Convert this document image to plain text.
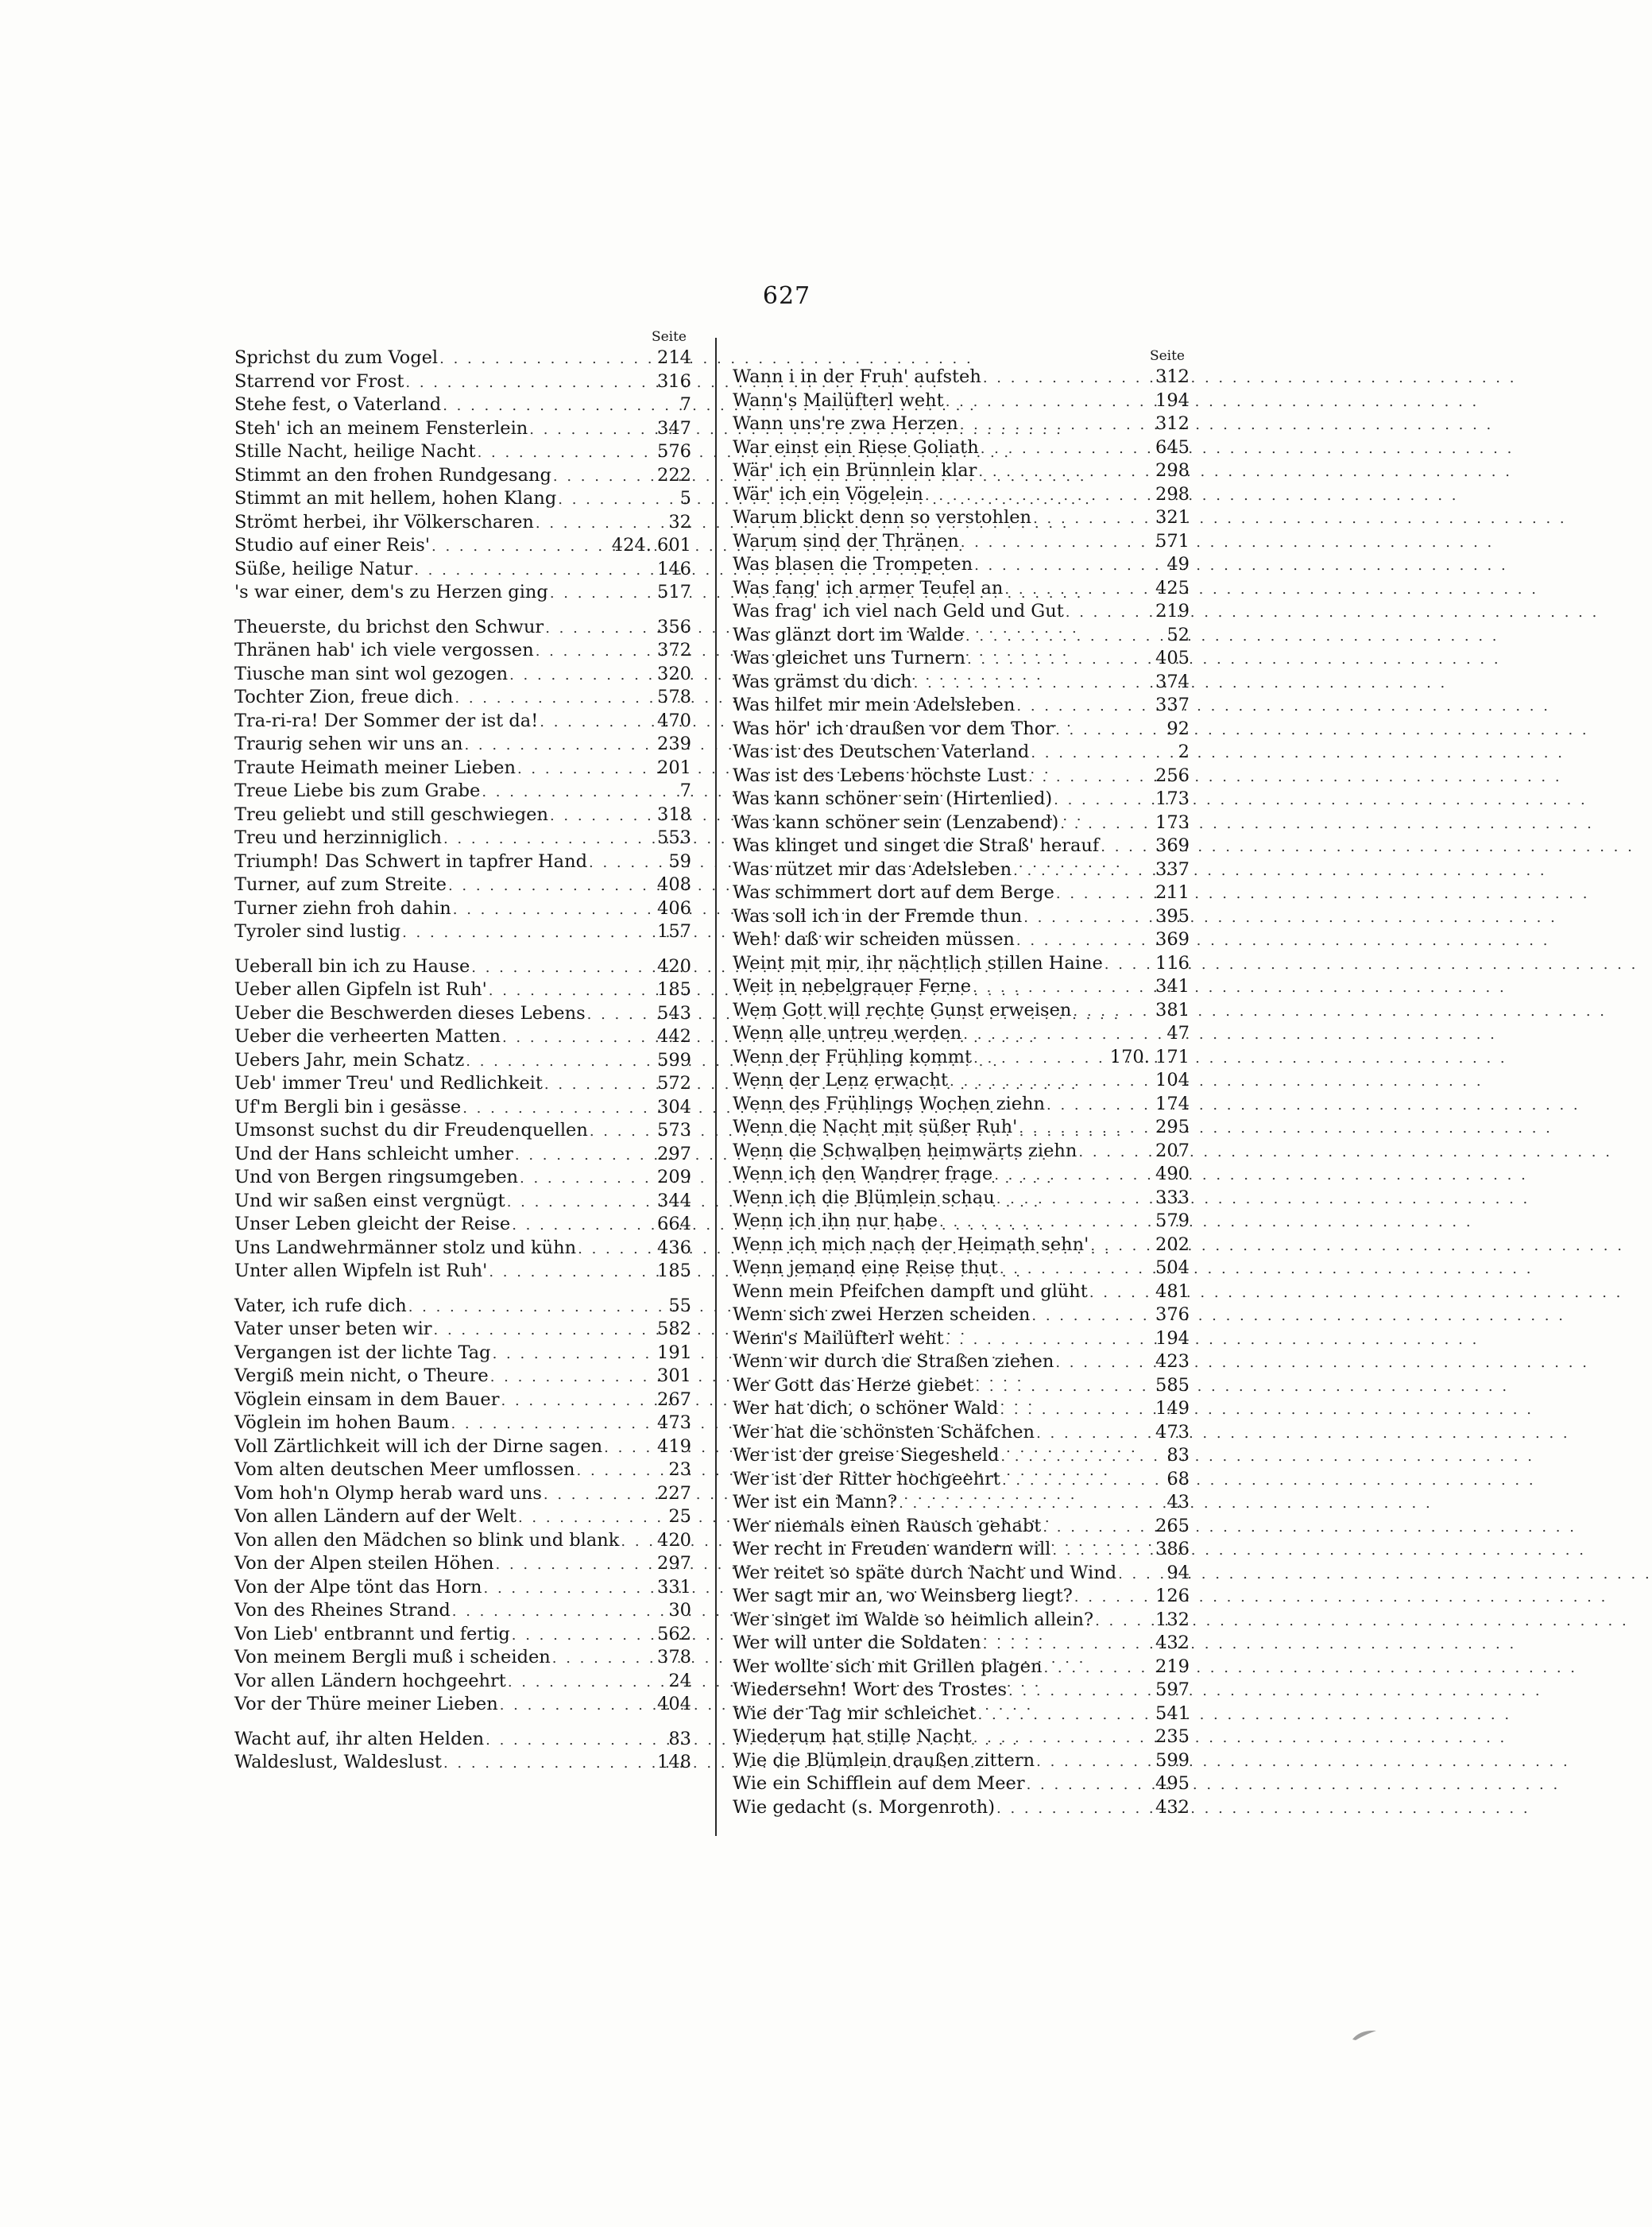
627
Seite
Sprichst du zum Vogel . . .	214
Starrend vor Frost . . .	316
Stehe fest, o Vaterland . . .	7
Steh' ich an meinem Fensterlein . . .	347
Stille Nacht, heilige Nacht . . .	576
Stimmt an den frohen Rundgesang . . .	222
Stimmt an mit hellem, hohen Klang . . .	5
Strömt herbei, ihr Völkerscharen . . .	32
Studio auf einer Reis' . . .	424. 601
Süße, heilige Natur . . .	146
's war einer, dem's zu Herzen ging . . .	517
Theuerste, du brichst den Schwur . . .	356
Thränen hab' ich viele vergossen . . .	372
Tiusche man sint wol gezogen . . .	320
Tochter Zion, freue dich . . .	578
Tra-ri-ra! Der Sommer der ist da! . . .	470
Traurig sehen wir uns an . . .	239
Traute Heimath meiner Lieben . . .	201
Treue Liebe bis zum Grabe . . .	7
Treu geliebt und still geschwiegen . . .	318
Treu und herzinniglich . . .	553
Triumph! Das Schwert in tapfrer Hand . . .	59
Turner, auf zum Streite . . .	408
Turner ziehn froh dahin . . .	406
Tyroler sind lustig . . .	157
Ueberall bin ich zu Hause . . .	420
Ueber allen Gipfeln ist Ruh' . . .	185
Ueber die Beschwerden dieses Lebens . . .	543
Ueber die verheerten Matten . . .	442
Uebers Jahr, mein Schatz . . .	599
Ueb' immer Treu' und Redlichkeit . . .	572
Uf'm Bergli bin i gesässe . . .	304
Umsonst suchst du dir Freudenquellen . . .	573
Und der Hans schleicht umher . . .	297
Und von Bergen ringsumgeben . . .	209
Und wir saßen einst vergnügt . . .	344
Unser Leben gleicht der Reise . . .	664
Uns Landwehrmänner stolz und kühn . . .	436
Unter allen Wipfeln ist Ruh' . . .	185
Vater, ich rufe dich . . .	55
Vater unser beten wir . . .	582
Vergangen ist der lichte Tag . . .	191
Vergiß mein nicht, o Theure . . .	301
Vöglein einsam in dem Bauer . . .	267
Vöglein im hohen Baum . . .	473
Voll Zärtlichkeit will ich der Dirne sagen . . .	419
Vom alten deutschen Meer umflossen . . .	23
Vom hoh'n Olymp herab ward uns . . .	227
Von allen Ländern auf der Welt . . .	25
Von allen den Mädchen so blink und blank . . . 420
Von der Alpen steilen Höhen . . .	297
Von der Alpe tönt das Horn . . .	331
Von des Rheines Strand . . .	30
Von Lieb' entbrannt und fertig . . .	562
Von meinem Bergli muß i scheiden . . .	378
Vor allen Ländern hochgeehrt . . .	24
Vor der Thüre meiner Lieben . . .	404
Wacht auf, ihr alten Helden . . .	83
Waldeslust, Waldeslust . . .	148
Seite
Wann i in der Fruh' aufsteh . . .	312
Wann's Mailüfterl weht . . .	194
Wann uns're zwa Herzen . . .	312
War einst ein Riese Goliath . . .	645
Wär' ich ein Brünnlein klar . . .	298
Wär' ich ein Vögelein . . .	298
Warum blickt denn so verstohlen . . .	321
Warum sind der Thränen . . .	571
Was blasen die Trompeten . . .	49
Was fang' ich armer Teufel an . . .	425
Was frag' ich viel nach Geld und Gut . . .	219
Was glänzt dort im Walde . . .	52
Was gleichet uns Turnern . . .	405
Was grämst du dich . . .	374
Was hilfet mir mein Adelsleben . . .	337
Was hör' ich draußen vor dem Thor . . .	92
Was ist des Deutschen Vaterland . . .	2
Was ist des Lebens höchste Lust . . .	256
Was kann schöner sein (Hirtenlied) . . .	173
Was kann schöner sein (Lenzabend) . . .	173
Was klinget und singet die Straß' herauf . . .	369
Was nützet mir das Adelsleben . . .	337
Was schimmert dort auf dem Berge . . .	211
Was soll ich in der Fremde thun . . .	395
Weh! daß wir scheiden müssen . . .	369
Weint mit mir, ihr nächtlich stillen Haine . . .	116
Weit in nebelgrauer Ferne . . .	341
Wem Gott will rechte Gunst erweisen . . .	381
Wenn alle untreu werden . . .	47
Wenn der Frühling kommt . . .	170. 171
Wenn der Lenz erwacht . . .	104
Wenn des Frühlings Wochen ziehn . . .	174
Wenn die Nacht mit süßer Ruh' . . .	295
Wenn die Schwalben heimwärts ziehn . . .	207
Wenn ich den Wandrer frage . . .	490
Wenn ich die Blümlein schau . . .	333
Wenn ich ihn nur habe . . .	579
Wenn ich mich nach der Heimath sehn' . . .	202
Wenn jemand eine Reise thut . . .	504
Wenn mein Pfeifchen dampft und glüht . . .	481
Wenn sich zwei Herzen scheiden . . .	376
Wenn's Mailüfterl weht . . .	194
Wenn wir durch die Straßen ziehen . . .	423
Wer Gott das Herze giebet . . .	585
Wer hat dich, o schöner Wald . . .	149
Wer hat die schönsten Schäfchen . . .	473
Wer ist der greise Siegesheld . . .	83
Wer ist der Ritter hochgeehrt . . .	68
Wer ist ein Mann? . . .	43
Wer niemals einen Rausch gehabt . . .	265
Wer recht in Freuden wandern will . . .	386
Wer reitet so späte durch Nacht und Wind . . .	94
Wer sagt mir an, wo Weinsberg liegt? . . .	126
Wer singet im Walde so heimlich allein? . . .	132
Wer will unter die Soldaten . . .	432
Wer wollte sich mit Grillen plagen . . .	219
Wiedersehn! Wort des Trostes . . .	597
Wie der Tag mir schleichet . . .	541
Wiederum hat stille Nacht . . .	235
Wie die Blümlein draußen zittern . . .	599
Wie ein Schifflein auf dem Meer . . .	495
Wie gedacht (s. Morgenroth) . . .	432
